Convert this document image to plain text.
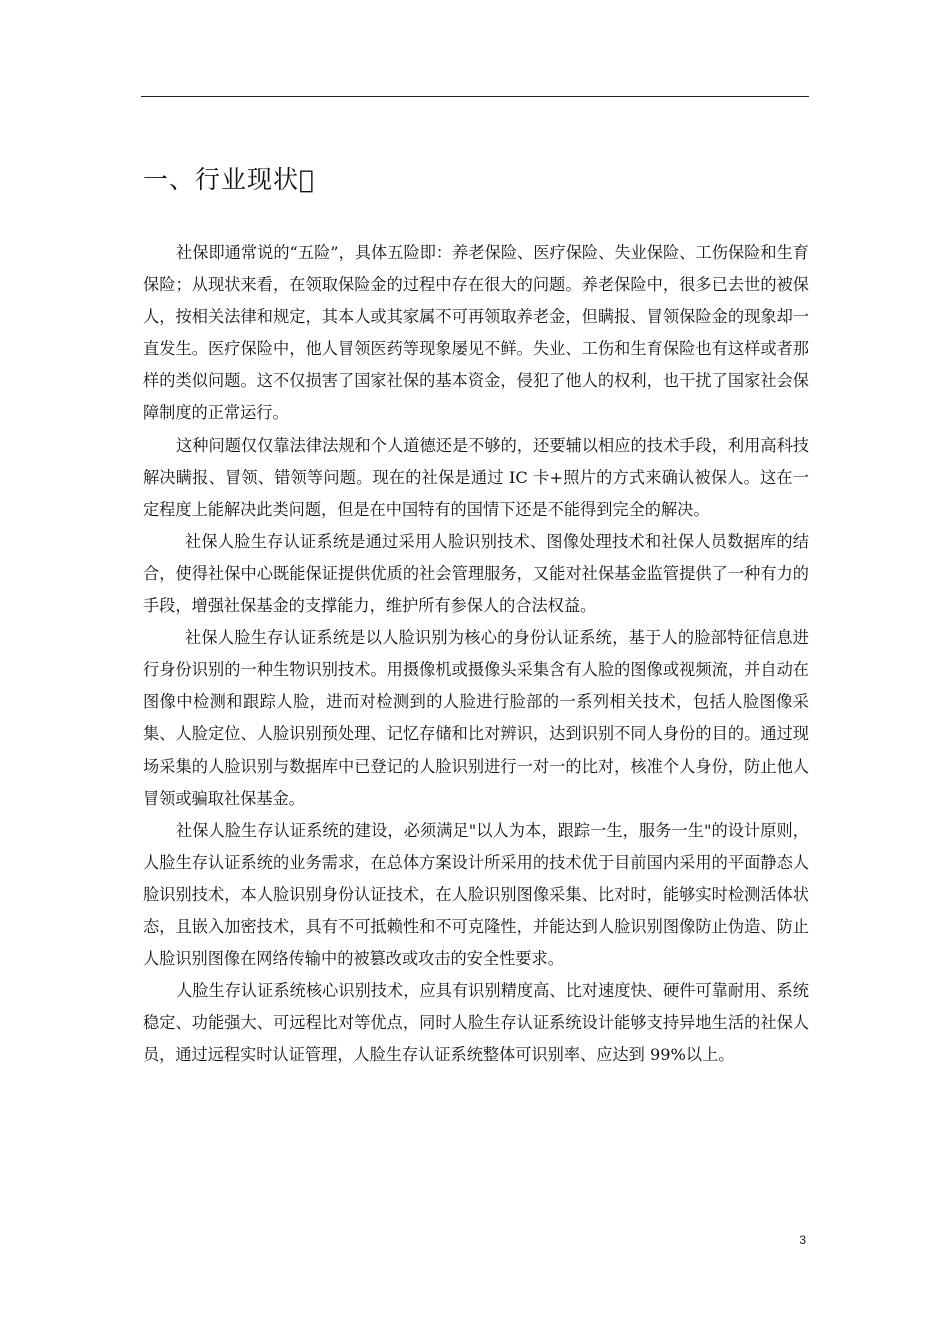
一、行业现状

社保即通常说的“五险”，具体五险即：养老保险、医疗保险、失业保险、工伤保险和生育保险；从现状来看，在领取保险金的过程中存在很大的问题。养老保险中，很多已去世的被保人，按相关法律和规定，其本人或其家属不可再领取养老金，但瞒报、冒领保险金的现象却一直发生。医疗保险中，他人冒领医药等现象屡见不鲜。失业、工伤和生育保险也有这样或者那样的类似问题。这不仅损害了国家社保的基本资金，侵犯了他人的权利，也干扰了国家社会保障制度的正常运行。

这种问题仅仅靠法律法规和个人道德还是不够的，还要辅以相应的技术手段，利用高科技解决瞒报、冒领、错领等问题。现在的社保是通过 IC 卡+照片的方式来确认被保人。这在一定程度上能解决此类问题，但是在中国特有的国情下还是不能得到完全的解决。

社保人脸生存认证系统是通过采用人脸识别技术、图像处理技术和社保人员数据库的结合，使得社保中心既能保证提供优质的社会管理服务，又能对社保基金监管提供了一种有力的手段，增强社保基金的支撑能力，维护所有参保人的合法权益。

社保人脸生存认证系统是以人脸识别为核心的身份认证系统，基于人的脸部特征信息进行身份识别的一种生物识别技术。用摄像机或摄像头采集含有人脸的图像或视频流，并自动在图像中检测和跟踪人脸，进而对检测到的人脸进行脸部的一系列相关技术，包括人脸图像采集、人脸定位、人脸识别预处理、记忆存储和比对辨识，达到识别不同人身份的目的。通过现场采集的人脸识别与数据库中已登记的人脸识别进行一对一的比对，核准个人身份，防止他人冒领或骗取社保基金。

社保人脸生存认证系统的建设，必须满足"以人为本，跟踪一生，服务一生"的设计原则，人脸生存认证系统的业务需求，在总体方案设计所采用的技术优于目前国内采用的平面静态人脸识别技术，本人脸识别身份认证技术，在人脸识别图像采集、比对时，能够实时检测活体状态，且嵌入加密技术，具有不可抵赖性和不可克隆性，并能达到人脸识别图像防止伪造、防止人脸识别图像在网络传输中的被篡改或攻击的安全性要求。

人脸生存认证系统核心识别技术，应具有识别精度高、比对速度快、硬件可靠耐用、系统稳定、功能强大、可远程比对等优点，同时人脸生存认证系统设计能够支持异地生活的社保人员，通过远程实时认证管理，人脸生存认证系统整体可识别率、应达到 99%以上。

3
